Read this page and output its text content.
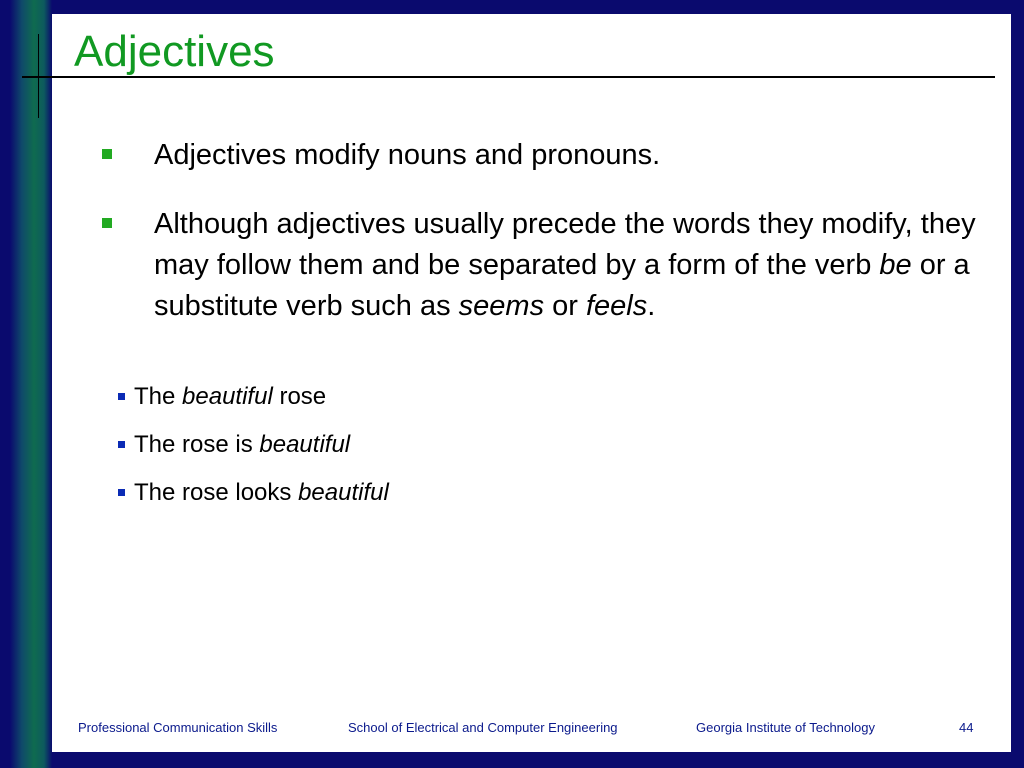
Adjectives
Adjectives modify nouns and pronouns.
Although adjectives usually precede the words they modify, they may follow them and be separated by a form of the verb be or a substitute verb such as seems or feels.
The beautiful rose
The rose is beautiful
The rose looks beautiful
Professional Communication Skills	School of Electrical and Computer Engineering	Georgia Institute of Technology	44
